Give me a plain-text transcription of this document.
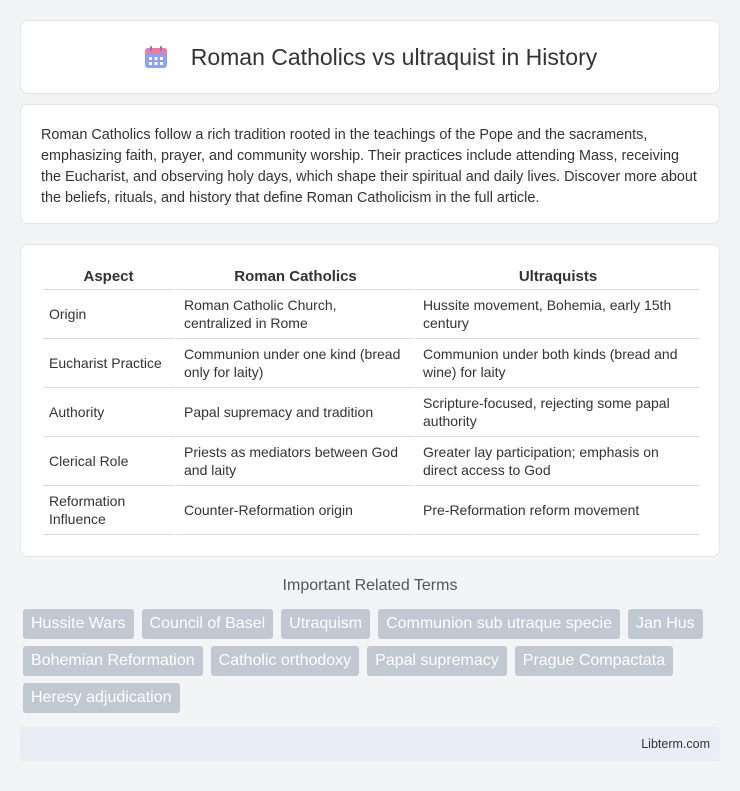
Roman Catholics vs ultraquist in History

Roman Catholics follow a rich tradition rooted in the teachings of the Pope and the sacraments, emphasizing faith, prayer, and community worship. Their practices include attending Mass, receiving the Eucharist, and observing holy days, which shape their spiritual and daily lives. Discover more about the beliefs, rituals, and history that define Roman Catholicism in the full article.

Aspect	Roman Catholics	Ultraquists
Origin	Roman Catholic Church, centralized in Rome	Hussite movement, Bohemia, early 15th century
Eucharist Practice	Communion under one kind (bread only for laity)	Communion under both kinds (bread and wine) for laity
Authority	Papal supremacy and tradition	Scripture-focused, rejecting some papal authority
Clerical Role	Priests as mediators between God and laity	Greater lay participation; emphasis on direct access to God
Reformation Influence	Counter-Reformation origin	Pre-Reformation reform movement
Important Related Terms
Hussite Wars	Council of Basel	Utraquism	Communion sub utraque specie	Jan Hus
Bohemian Reformation	Catholic orthodoxy	Papal supremacy	Prague Compactata
Heresy adjudication
Libterm.com
